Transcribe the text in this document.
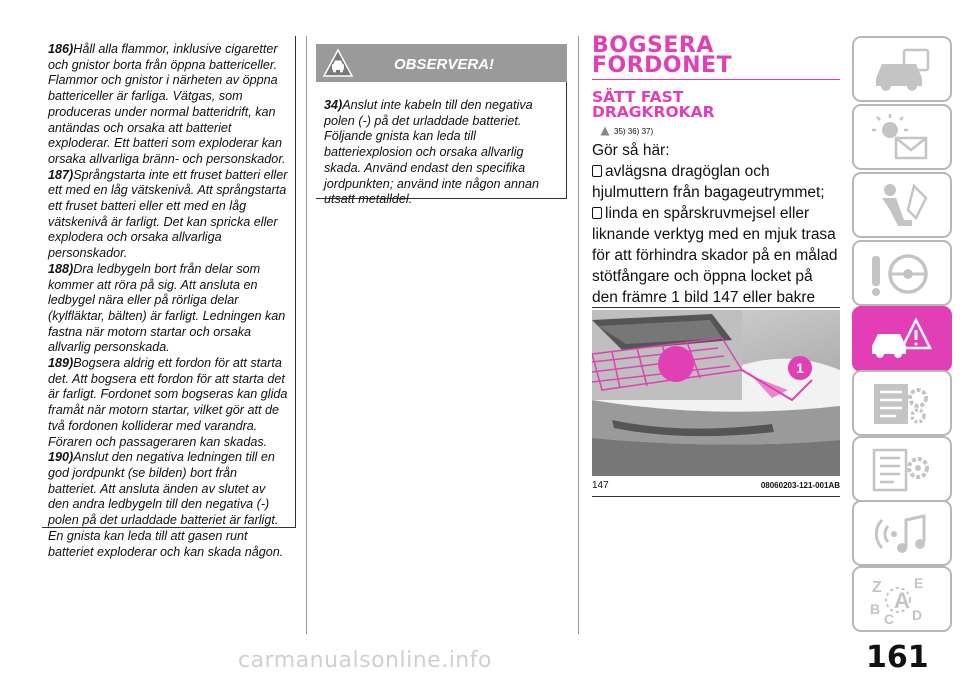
186)Håll alla flammor, inklusive cigaretter och gnistor borta från öppna battericeller. Flammor och gnistor i närheten av öppna battericeller är farliga. Vätgas, som produceras under normal batteridrift, kan antändas och orsaka att batteriet exploderar. Ett batteri som exploderar kan orsaka allvarliga bränn- och personskador.

187)Språngstarta inte ett fruset batteri eller ett med en låg vätskenivå. Att språngstarta ett fruset batteri eller ett med en låg vätskenivå är farligt. Det kan spricka eller explodera och orsaka allvarliga personskador.

188)Dra ledbygeln bort från delar som kommer att röra på sig. Att ansluta en ledbygel nära eller på rörliga delar (kylfläktar, bälten) är farligt. Ledningen kan fastna när motorn startar och orsaka allvarlig personskada.

189)Bogsera aldrig ett fordon för att starta det. Att bogsera ett fordon för att starta det är farligt. Fordonet som bogseras kan glida framåt när motorn startar, vilket gör att de två fordonen kolliderar med varandra. Föraren och passageraren kan skadas.

190)Anslut den negativa ledningen till en god jordpunkt (se bilden) bort från batteriet. Att ansluta änden av slutet av den andra ledbygeln till den negativa (-) polen på det urladdade batteriet är farligt. En gnista kan leda till att gasen runt batteriet exploderar och kan skada någon.

OBSERVERA!

34)Anslut inte kabeln till den negativa polen (-) på det urladdade batteriet. Följande gnista kan leda till batteriexplosion och orsaka allvarlig skada. Använd endast den specifika jordpunkten; använd inte någon annan utsatt metalldel.

BOGSERA
FORDONET

SÄTT FAST
DRAGKROKAR

35) 36) 37)

Gör så här:

avlägsna dragöglan och hjulmuttern från bagageutrymmet;

linda en spårskruvmejsel eller liknande verktyg med en mjuk trasa för att förhindra skador på en målad stötfångare och öppna locket på den främre 1 bild 147 eller bakre

1
147	08060203-121-001AB
Z E
B A
C D
161
carmanualsonline.info
